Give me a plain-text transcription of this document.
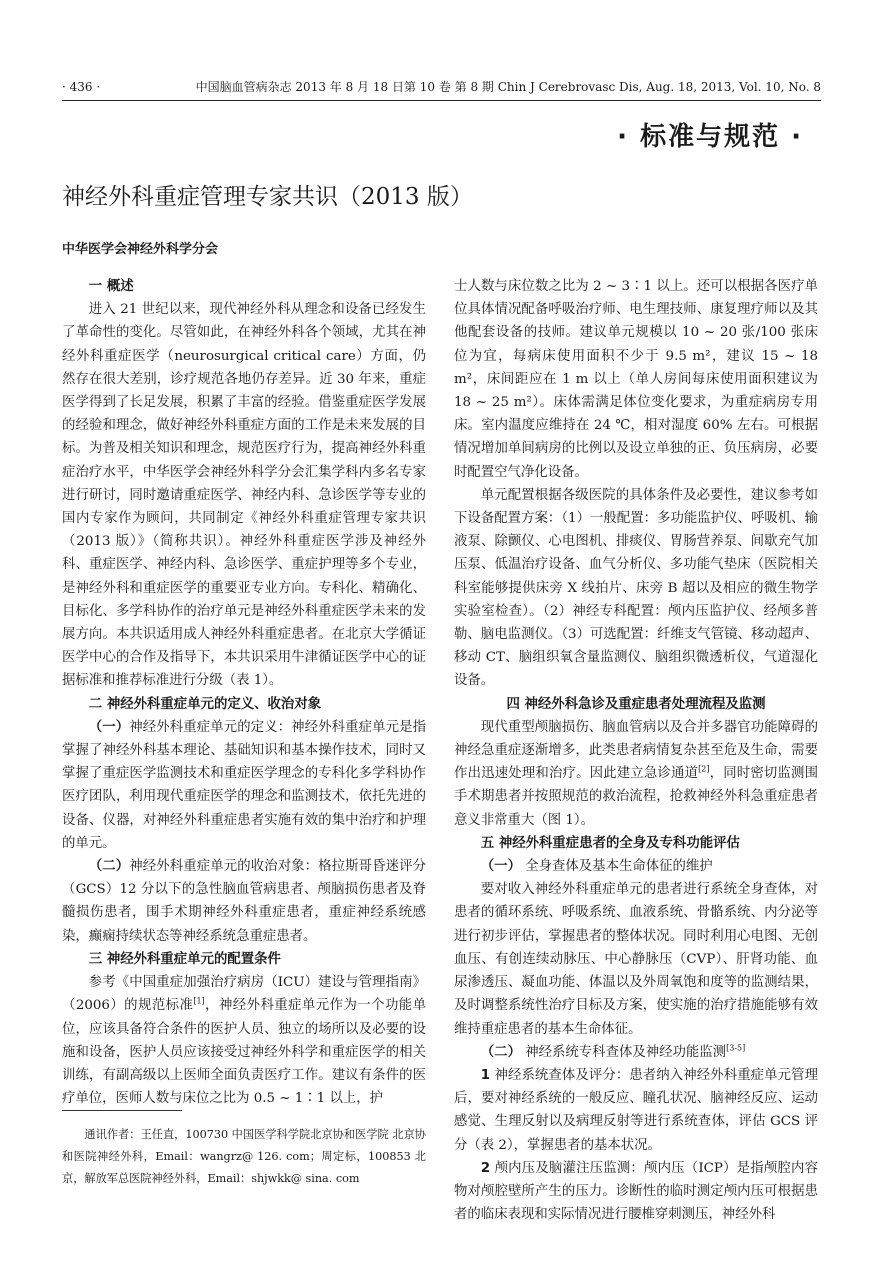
· 436 ·	中国脑血管病杂志 2013 年 8 月 18 日第 10 卷 第 8 期 Chin J Cerebrovasc Dis, Aug. 18, 2013, Vol. 10, No. 8
· 标准与规范 ·
神经外科重症管理专家共识（2013 版）
中华医学会神经外科学分会
一 概述

进入 21 世纪以来，现代神经外科从理念和设备已经发生了革命性的变化。尽管如此，在神经外科各个领域，尤其在神经外科重症医学（neurosurgical critical care）方面，仍然存在很大差别，诊疗规范各地仍存差异。近 30 年来，重症医学得到了长足发展，积累了丰富的经验。借鉴重症医学发展的经验和理念，做好神经外科重症方面的工作是未来发展的目标。为普及相关知识和理念，规范医疗行为，提高神经外科重症治疗水平，中华医学会神经外科学分会汇集学科内多名专家进行研讨，同时邀请重症医学、神经内科、急诊医学等专业的国内专家作为顾问，共同制定《神经外科重症管理专家共识（2013 版）》（简称共识）。神经外科重症医学涉及神经外科、重症医学、神经内科、急诊医学、重症护理等多个专业，是神经外科和重症医学的重要亚专业方向。专科化、精确化、目标化、多学科协作的治疗单元是神经外科重症医学未来的发展方向。本共识适用成人神经外科重症患者。在北京大学循证医学中心的合作及指导下，本共识采用牛津循证医学中心的证据标准和推荐标准进行分级（表 1）。

二 神经外科重症单元的定义、收治对象

（一）神经外科重症单元的定义：神经外科重症单元是指掌握了神经外科基本理论、基础知识和基本操作技术，同时又掌握了重症医学监测技术和重症医学理念的专科化多学科协作医疗团队，利用现代重症医学的理念和监测技术，依托先进的设备、仪器，对神经外科重症患者实施有效的集中治疗和护理的单元。

（二）神经外科重症单元的收治对象：格拉斯哥昏迷评分（GCS）12 分以下的急性脑血管病患者、颅脑损伤患者及脊髓损伤患者，围手术期神经外科重症患者，重症神经系统感染，癫痫持续状态等神经系统急重症患者。

三 神经外科重症单元的配置条件

参考《中国重症加强治疗病房（ICU）建设与管理指南》（2006）的规范标准[1]，神经外科重症单元作为一个功能单位，应该具备符合条件的医护人员、独立的场所以及必要的设施和设备，医护人员应该接受过神经外科学和重症医学的相关训练，有副高级以上医师全面负责医疗工作。建议有条件的医疗单位，医师人数与床位之比为 0.5 ~ 1∶1 以上，护

通讯作者：王任直，100730 中国医学科学院北京协和医学院 北京协和医院神经外科，Email：wangrz@ 126. com；周定标，100853 北京，解放军总医院神经外科，Email：shjwkk@ sina. com

士人数与床位数之比为 2 ~ 3∶1 以上。还可以根据各医疗单位具体情况配备呼吸治疗师、电生理技师、康复理疗师以及其他配套设备的技师。建议单元规模以 10 ~ 20 张/100 张床位为宜，每病床使用面积不少于 9.5 m²，建议 15 ~ 18 m²，床间距应在 1 m 以上（单人房间每床使用面积建议为 18 ~ 25 m²）。床体需满足体位变化要求，为重症病房专用床。室内温度应维持在 24 ℃，相对湿度 60% 左右。可根据情况增加单间病房的比例以及设立单独的正、负压病房，必要时配置空气净化设备。

单元配置根据各级医院的具体条件及必要性，建议参考如下设备配置方案：（1）一般配置：多功能监护仪、呼吸机、输液泵、除颤仪、心电图机、排痰仪、胃肠营养泵、间歇充气加压泵、低温治疗设备、血气分析仪、多功能气垫床（医院相关科室能够提供床旁 X 线拍片、床旁 B 超以及相应的微生物学实验室检查）。（2）神经专科配置：颅内压监护仪、经颅多普勒、脑电监测仪。（3）可选配置：纤维支气管镜、移动超声、移动 CT、脑组织氧含量监测仪、脑组织微透析仪，气道湿化设备。

四 神经外科急诊及重症患者处理流程及监测

现代重型颅脑损伤、脑血管病以及合并多器官功能障碍的神经急重症逐渐增多，此类患者病情复杂甚至危及生命，需要作出迅速处理和治疗。因此建立急诊通道[2]，同时密切监测围手术期患者并按照规范的救治流程，抢救神经外科急重症患者意义非常重大（图 1）。

五 神经外科重症患者的全身及专科功能评估
（一） 全身查体及基本生命体征的维护

要对收入神经外科重症单元的患者进行系统全身查体，对患者的循环系统、呼吸系统、血液系统、骨骼系统、内分泌等进行初步评估，掌握患者的整体状况。同时利用心电图、无创血压、有创连续动脉压、中心静脉压（CVP）、肝肾功能、血尿渗透压、凝血功能、体温以及外周氧饱和度等的监测结果，及时调整系统性治疗目标及方案，使实施的治疗措施能够有效维持重症患者的基本生命体征。

（二） 神经系统专科查体及神经功能监测[3-5]

1 神经系统查体及评分：患者纳入神经外科重症单元管理后，要对神经系统的一般反应、瞳孔状况、脑神经反应、运动感觉、生理反射以及病理反射等进行系统查体，评估 GCS 评分（表 2），掌握患者的基本状况。

2 颅内压及脑灌注压监测：颅内压（ICP）是指颅腔内容物对颅腔壁所产生的压力。诊断性的临时测定颅内压可根据患者的临床表现和实际情况进行腰椎穿刺测压，神经外科
